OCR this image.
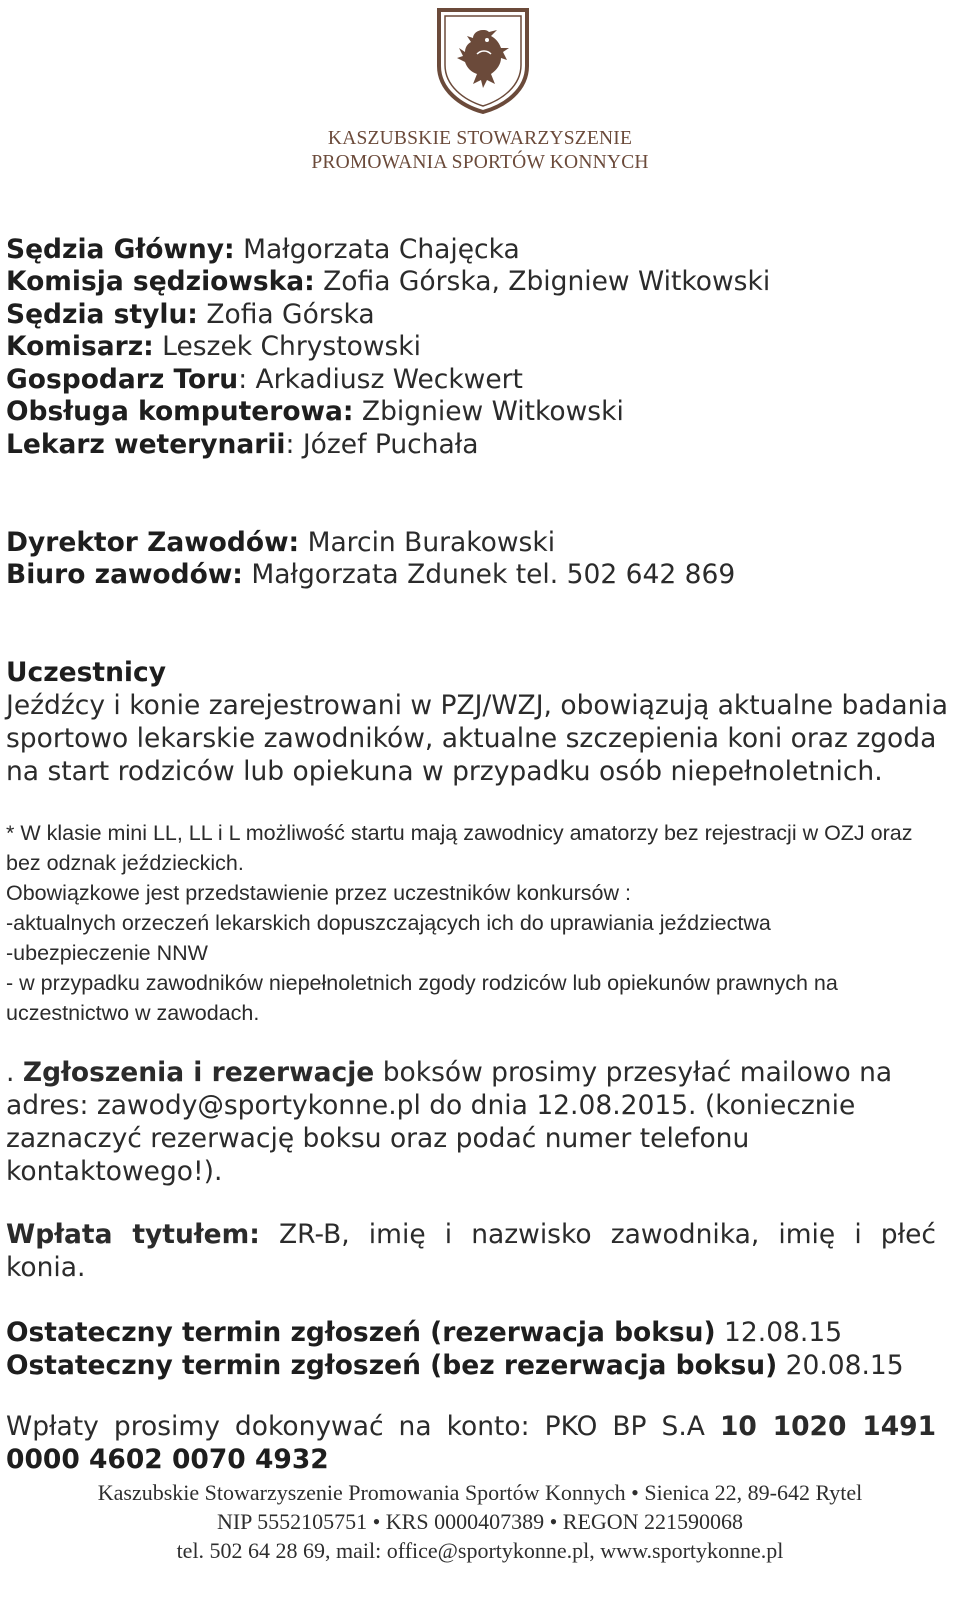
KASZUBSKIE STOWARZYSZENIE
PROMOWANIA SPORTÓW KONNYCH
Sędzia Główny: Małgorzata Chajęcka
Komisja sędziowska: Zofia Górska, Zbigniew Witkowski
Sędzia stylu: Zofia Górska
Komisarz: Leszek Chrystowski
Gospodarz Toru: Arkadiusz Weckwert
Obsługa komputerowa: Zbigniew Witkowski
Lekarz weterynarii: Józef Puchała
Dyrektor Zawodów: Marcin Burakowski
Biuro zawodów: Małgorzata Zdunek tel. 502 642 869
Uczestnicy
Jeźdźcy i konie zarejestrowani w PZJ/WZJ, obowiązują aktualne badania sportowo lekarskie zawodników, aktualne szczepienia koni oraz zgoda na start rodziców lub opiekuna w przypadku osób niepełnoletnich.

* W klasie mini LL, LL i L możliwość startu mają zawodnicy amatorzy bez rejestracji w OZJ oraz bez odznak jeździeckich.

Obowiązkowe jest przedstawienie przez uczestników konkursów :

-aktualnych orzeczeń lekarskich dopuszczających ich do uprawiania jeździectwa

-ubezpieczenie NNW

- w przypadku zawodników niepełnoletnich zgody rodziców lub opiekunów prawnych na uczestnictwo w zawodach.

. Zgłoszenia i rezerwacje boksów prosimy przesyłać mailowo na adres: zawody@sportykonne.pl do dnia 12.08.2015. (koniecznie zaznaczyć rezerwację boksu oraz podać numer telefonu kontaktowego!).
Wpłata tytułem: ZR-B, imię i nazwisko zawodnika, imię i płeć
konia.
Ostateczny termin zgłoszeń (rezerwacja boksu) 12.08.15
Ostateczny termin zgłoszeń (bez rezerwacja boksu) 20.08.15
Wpłaty prosimy dokonywać na konto: PKO BP S.A 10 1020 1491
0000 4602 0070 4932
Kaszubskie Stowarzyszenie Promowania Sportów Konnych • Sienica 22, 89-642 Rytel
NIP 5552105751 • KRS 0000407389 • REGON 221590068
tel. 502 64 28 69, mail: office@sportykonne.pl, www.sportykonne.pl
